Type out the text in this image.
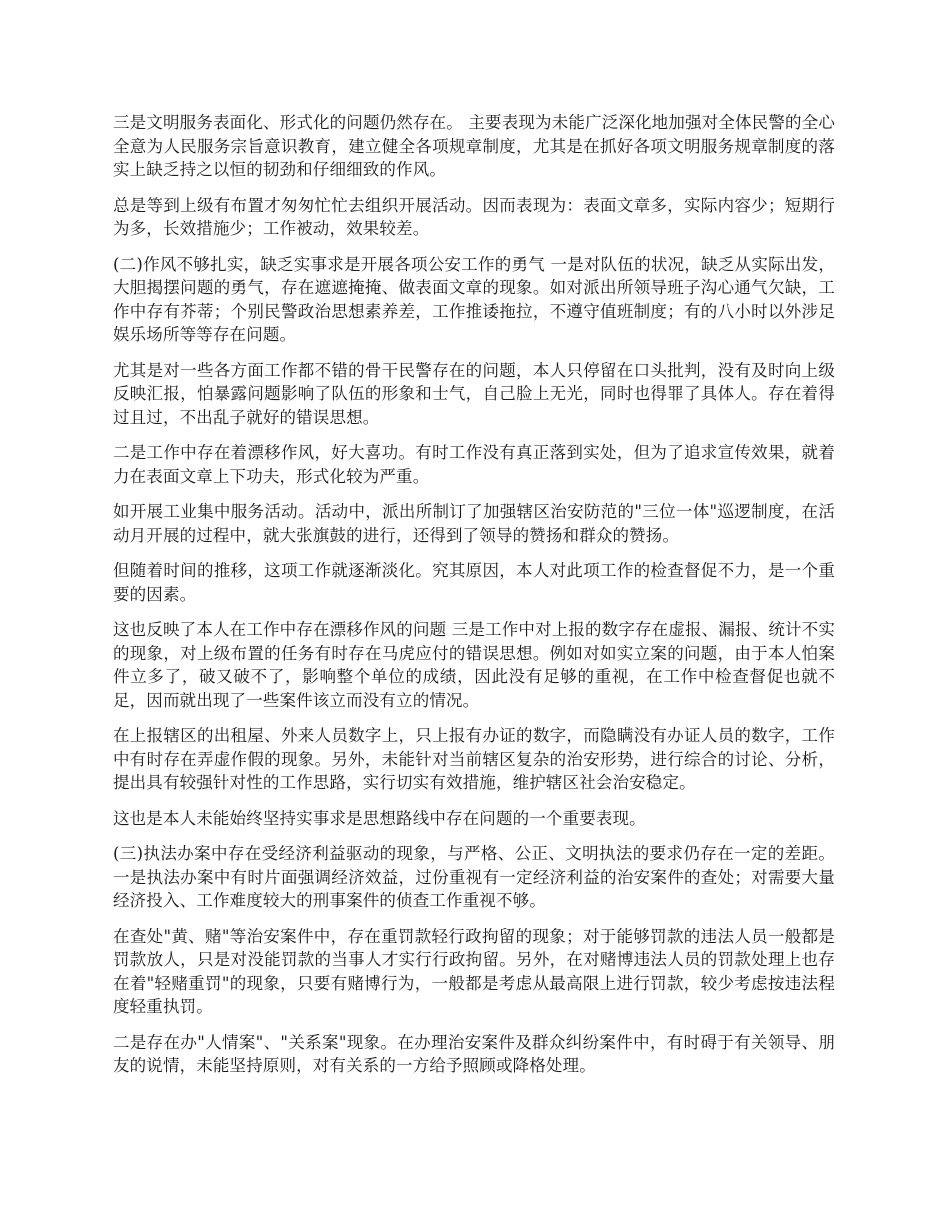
三是文明服务表面化、形式化的问题仍然存在。 主要表现为未能广泛深化地加强对全体民警的全心全意为人民服务宗旨意识教育，建立健全各项规章制度，尤其是在抓好各项文明服务规章制度的落实上缺乏持之以恒的韧劲和仔细细致的作风。

总是等到上级有布置才匆匆忙忙去组织开展活动。因而表现为：表面文章多，实际内容少；短期行为多，长效措施少；工作被动，效果较差。

(二)作风不够扎实，缺乏实事求是开展各项公安工作的勇气 一是对队伍的状况，缺乏从实际出发，大胆揭摆问题的勇气，存在遮遮掩掩、做表面文章的现象。如对派出所领导班子沟心通气欠缺，工作中存有芥蒂；个别民警政治思想素养差，工作推诿拖拉，不遵守值班制度；有的八小时以外涉足娱乐场所等等存在问题。

尤其是对一些各方面工作都不错的骨干民警存在的问题，本人只停留在口头批判，没有及时向上级反映汇报，怕暴露问题影响了队伍的形象和士气，自己脸上无光，同时也得罪了具体人。存在着得过且过，不出乱子就好的错误思想。

二是工作中存在着漂移作风，好大喜功。有时工作没有真正落到实处，但为了追求宣传效果，就着力在表面文章上下功夫，形式化较为严重。

如开展工业集中服务活动。活动中，派出所制订了加强辖区治安防范的"三位一体"巡逻制度，在活动月开展的过程中，就大张旗鼓的进行，还得到了领导的赞扬和群众的赞扬。

但随着时间的推移，这项工作就逐渐淡化。究其原因，本人对此项工作的检查督促不力，是一个重要的因素。

这也反映了本人在工作中存在漂移作风的问题 三是工作中对上报的数字存在虚报、漏报、统计不实的现象，对上级布置的任务有时存在马虎应付的错误思想。例如对如实立案的问题，由于本人怕案件立多了，破又破不了，影响整个单位的成绩，因此没有足够的重视，在工作中检查督促也就不足，因而就出现了一些案件该立而没有立的情况。

在上报辖区的出租屋、外来人员数字上，只上报有办证的数字，而隐瞒没有办证人员的数字，工作中有时存在弄虚作假的现象。另外，未能针对当前辖区复杂的治安形势，进行综合的讨论、分析，提出具有较强针对性的工作思路，实行切实有效措施，维护辖区社会治安稳定。

这也是本人未能始终坚持实事求是思想路线中存在问题的一个重要表现。

(三)执法办案中存在受经济利益驱动的现象，与严格、公正、文明执法的要求仍存在一定的差距。 一是执法办案中有时片面强调经济效益，过份重视有一定经济利益的治安案件的查处；对需要大量经济投入、工作难度较大的刑事案件的侦查工作重视不够。

在查处"黄、赌"等治安案件中，存在重罚款轻行政拘留的现象；对于能够罚款的违法人员一般都是罚款放人，只是对没能罚款的当事人才实行行政拘留。另外，在对赌博违法人员的罚款处理上也存在着"轻赌重罚"的现象，只要有赌博行为，一般都是考虑从最高限上进行罚款，较少考虑按违法程度轻重执罚。

二是存在办"人情案"、"关系案"现象。在办理治安案件及群众纠纷案件中，有时碍于有关领导、朋友的说情，未能坚持原则，对有关系的一方给予照顾或降格处理。
